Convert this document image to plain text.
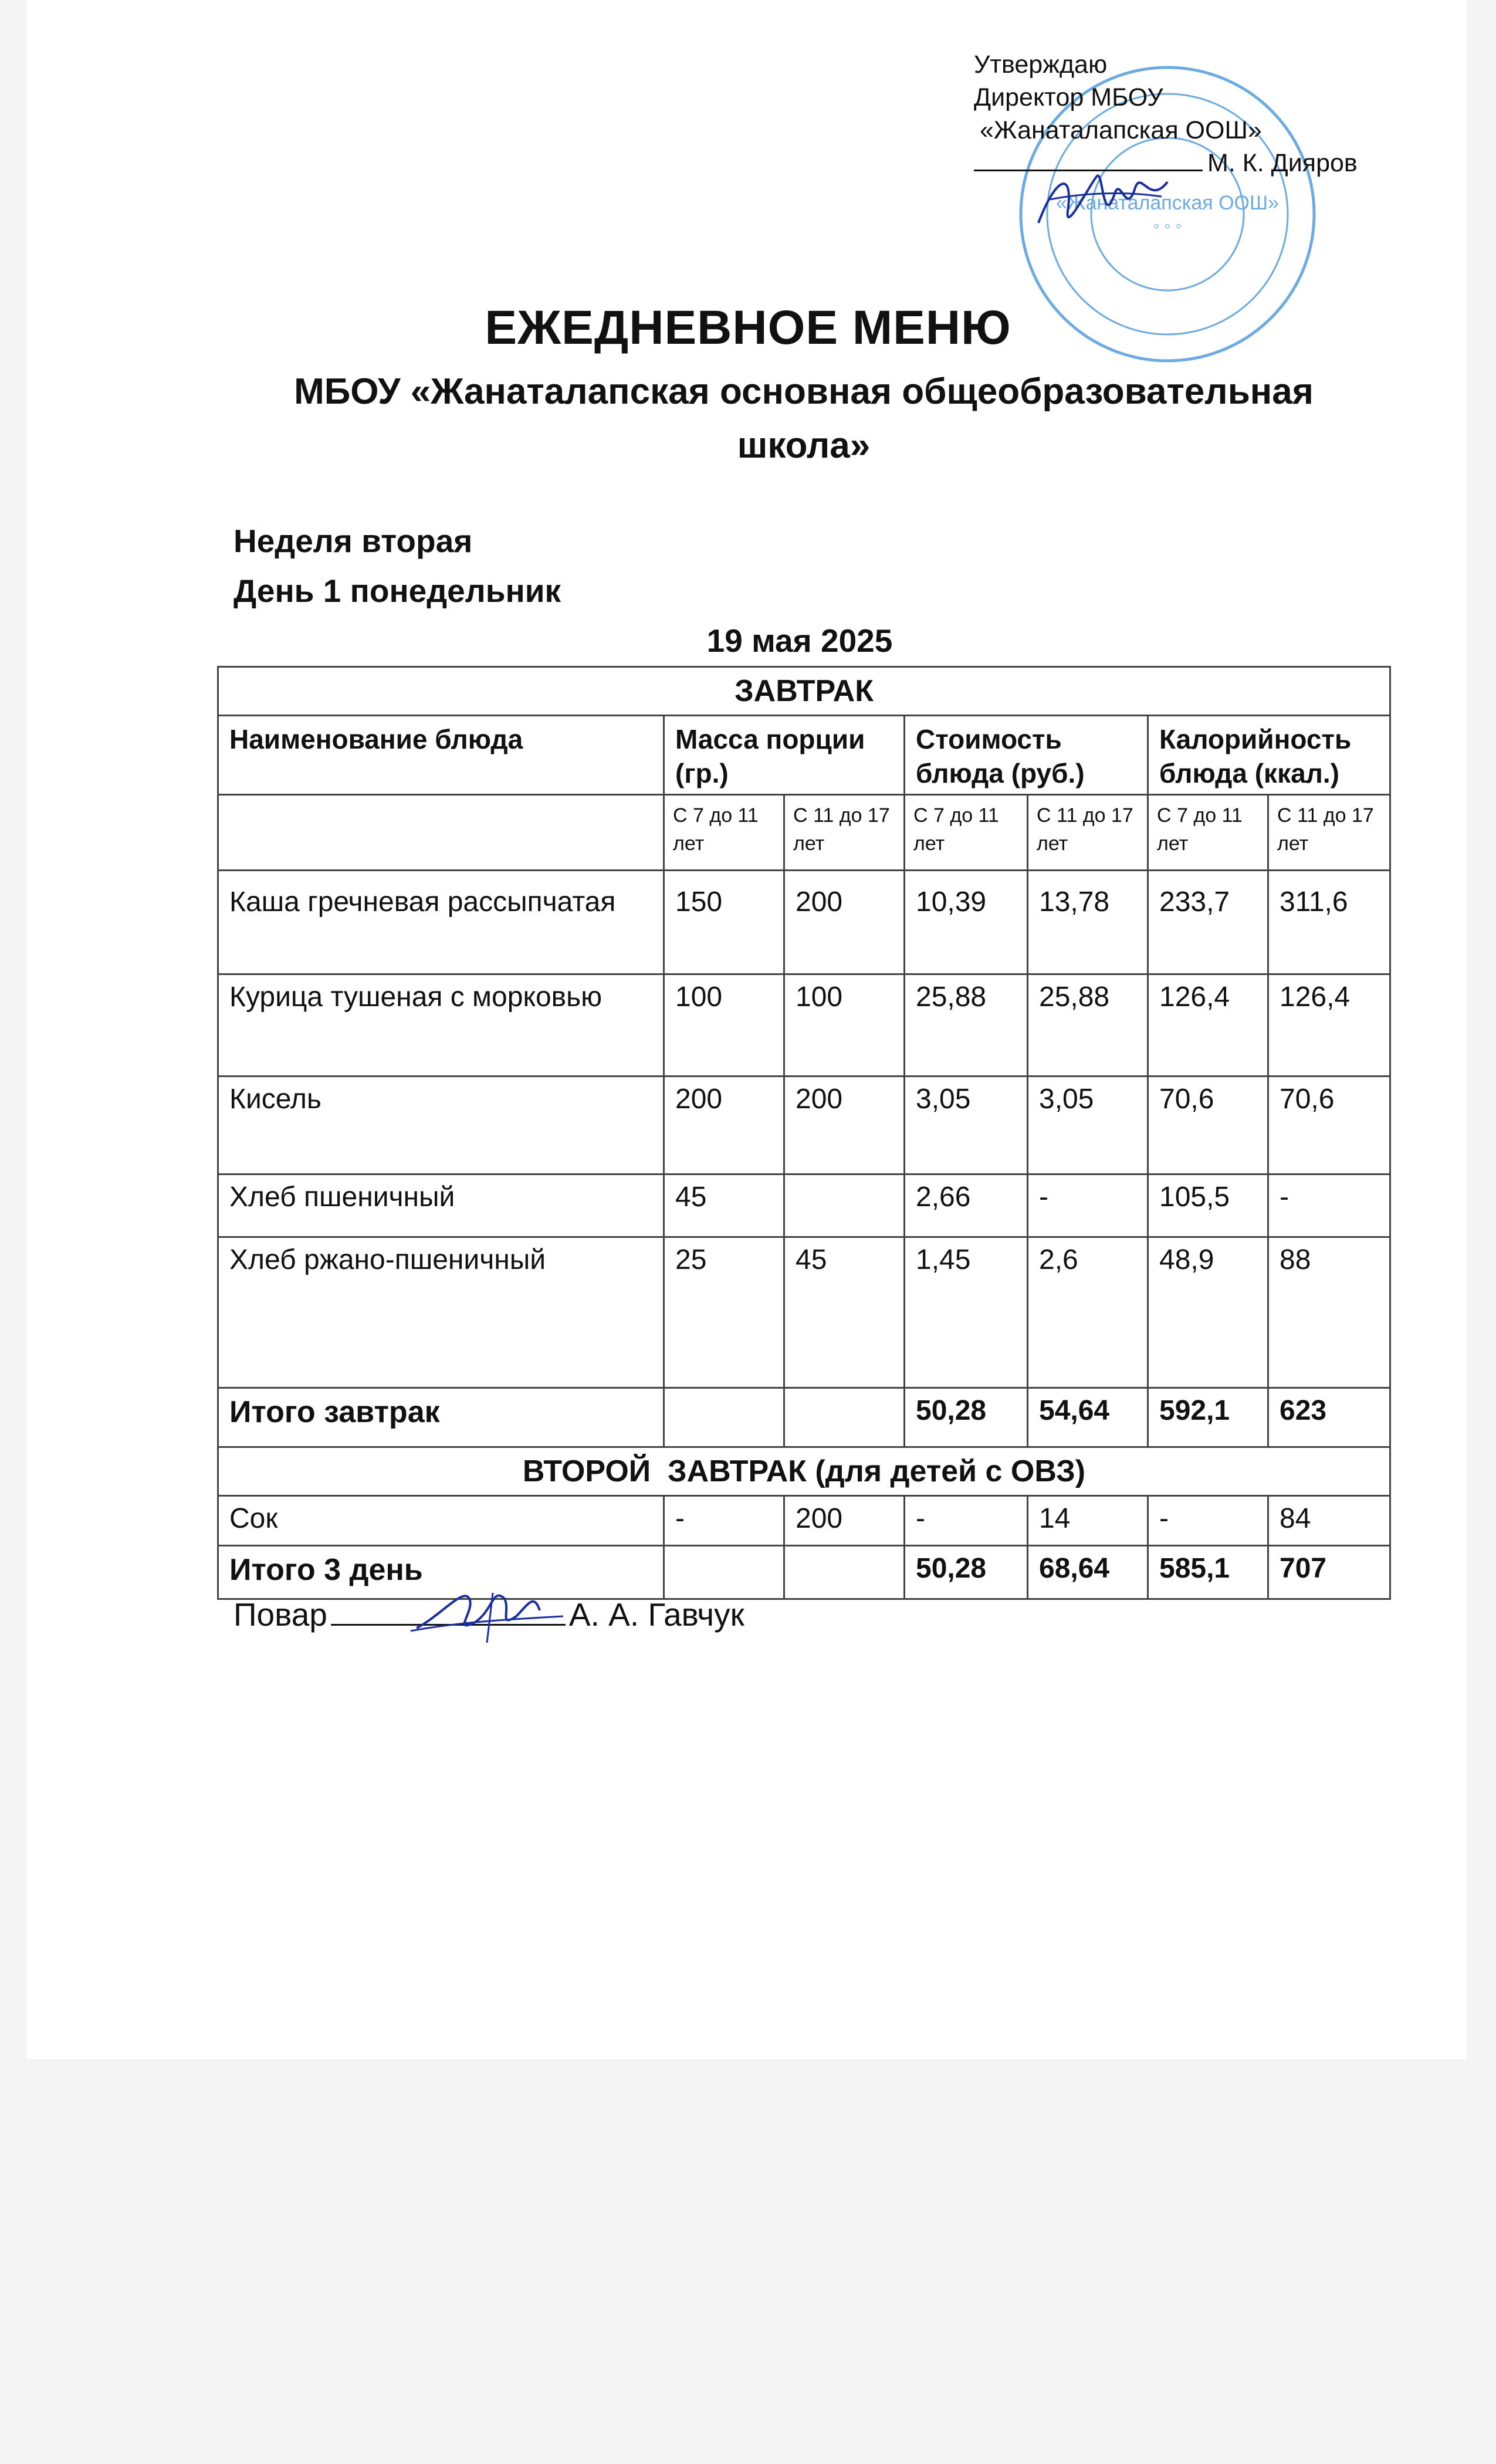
«Жанаталапская ООШ»
◦ ◦ ◦
Утверждаю
Директор МБОУ
«Жанаталапская ООШ»
М. К. Дияров
ЕЖЕДНЕВНОЕ МЕНЮ
МБОУ «Жанаталапская основная общеобразовательная школа»
Неделя вторая
День 1 понедельник
19 мая 2025
ЗАВТРАК						
Наименование блюда	Масса порции (гр.)		Стоимость блюда (руб.)		Калорийность блюда (ккал.)	
	С 7 до 11 лет	С 11 до 17 лет	С 7 до 11 лет	С 11 до 17 лет	С 7 до 11 лет	С 11 до 17 лет
Каша гречневая рассыпчатая	150	200	10,39	13,78	233,7	311,6
Курица тушеная с морковью	100	100	25,88	25,88	126,4	126,4
Кисель	200	200	3,05	3,05	70,6	70,6
Хлеб пшеничный	45		2,66	-	105,5	-
Хлеб ржано-пшеничный	25	45	1,45	2,6	48,9	88
Итого завтрак			50,28	54,64	592,1	623
ВТОРОЙ  ЗАВТРАК (для детей с ОВЗ)						
Сок	-	200	-	14	-	84
Итого 3 день			50,28	68,64	585,1	707
Повар	А. А. Гавчук
